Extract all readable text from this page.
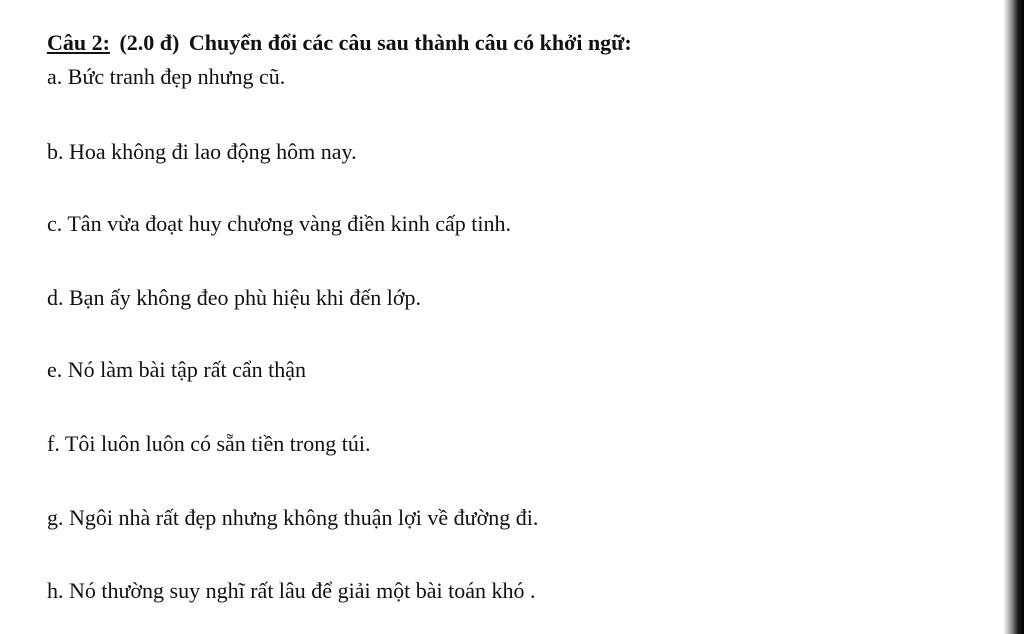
Câu 2: (2.0 đ) Chuyển đổi các câu sau thành câu có khởi ngữ:
a. Bức tranh đẹp nhưng cũ.
b. Hoa không đi lao động hôm nay.
c. Tân vừa đoạt huy chương vàng điền kinh cấp tinh.
d. Bạn ấy không đeo phù hiệu khi đến lớp.
e. Nó làm bài tập rất cẩn thận
f. Tôi luôn luôn có sẵn tiền trong túi.
g. Ngôi nhà rất đẹp nhưng không thuận lợi về đường đi.
h. Nó thường suy nghĩ rất lâu để giải một bài toán khó .
